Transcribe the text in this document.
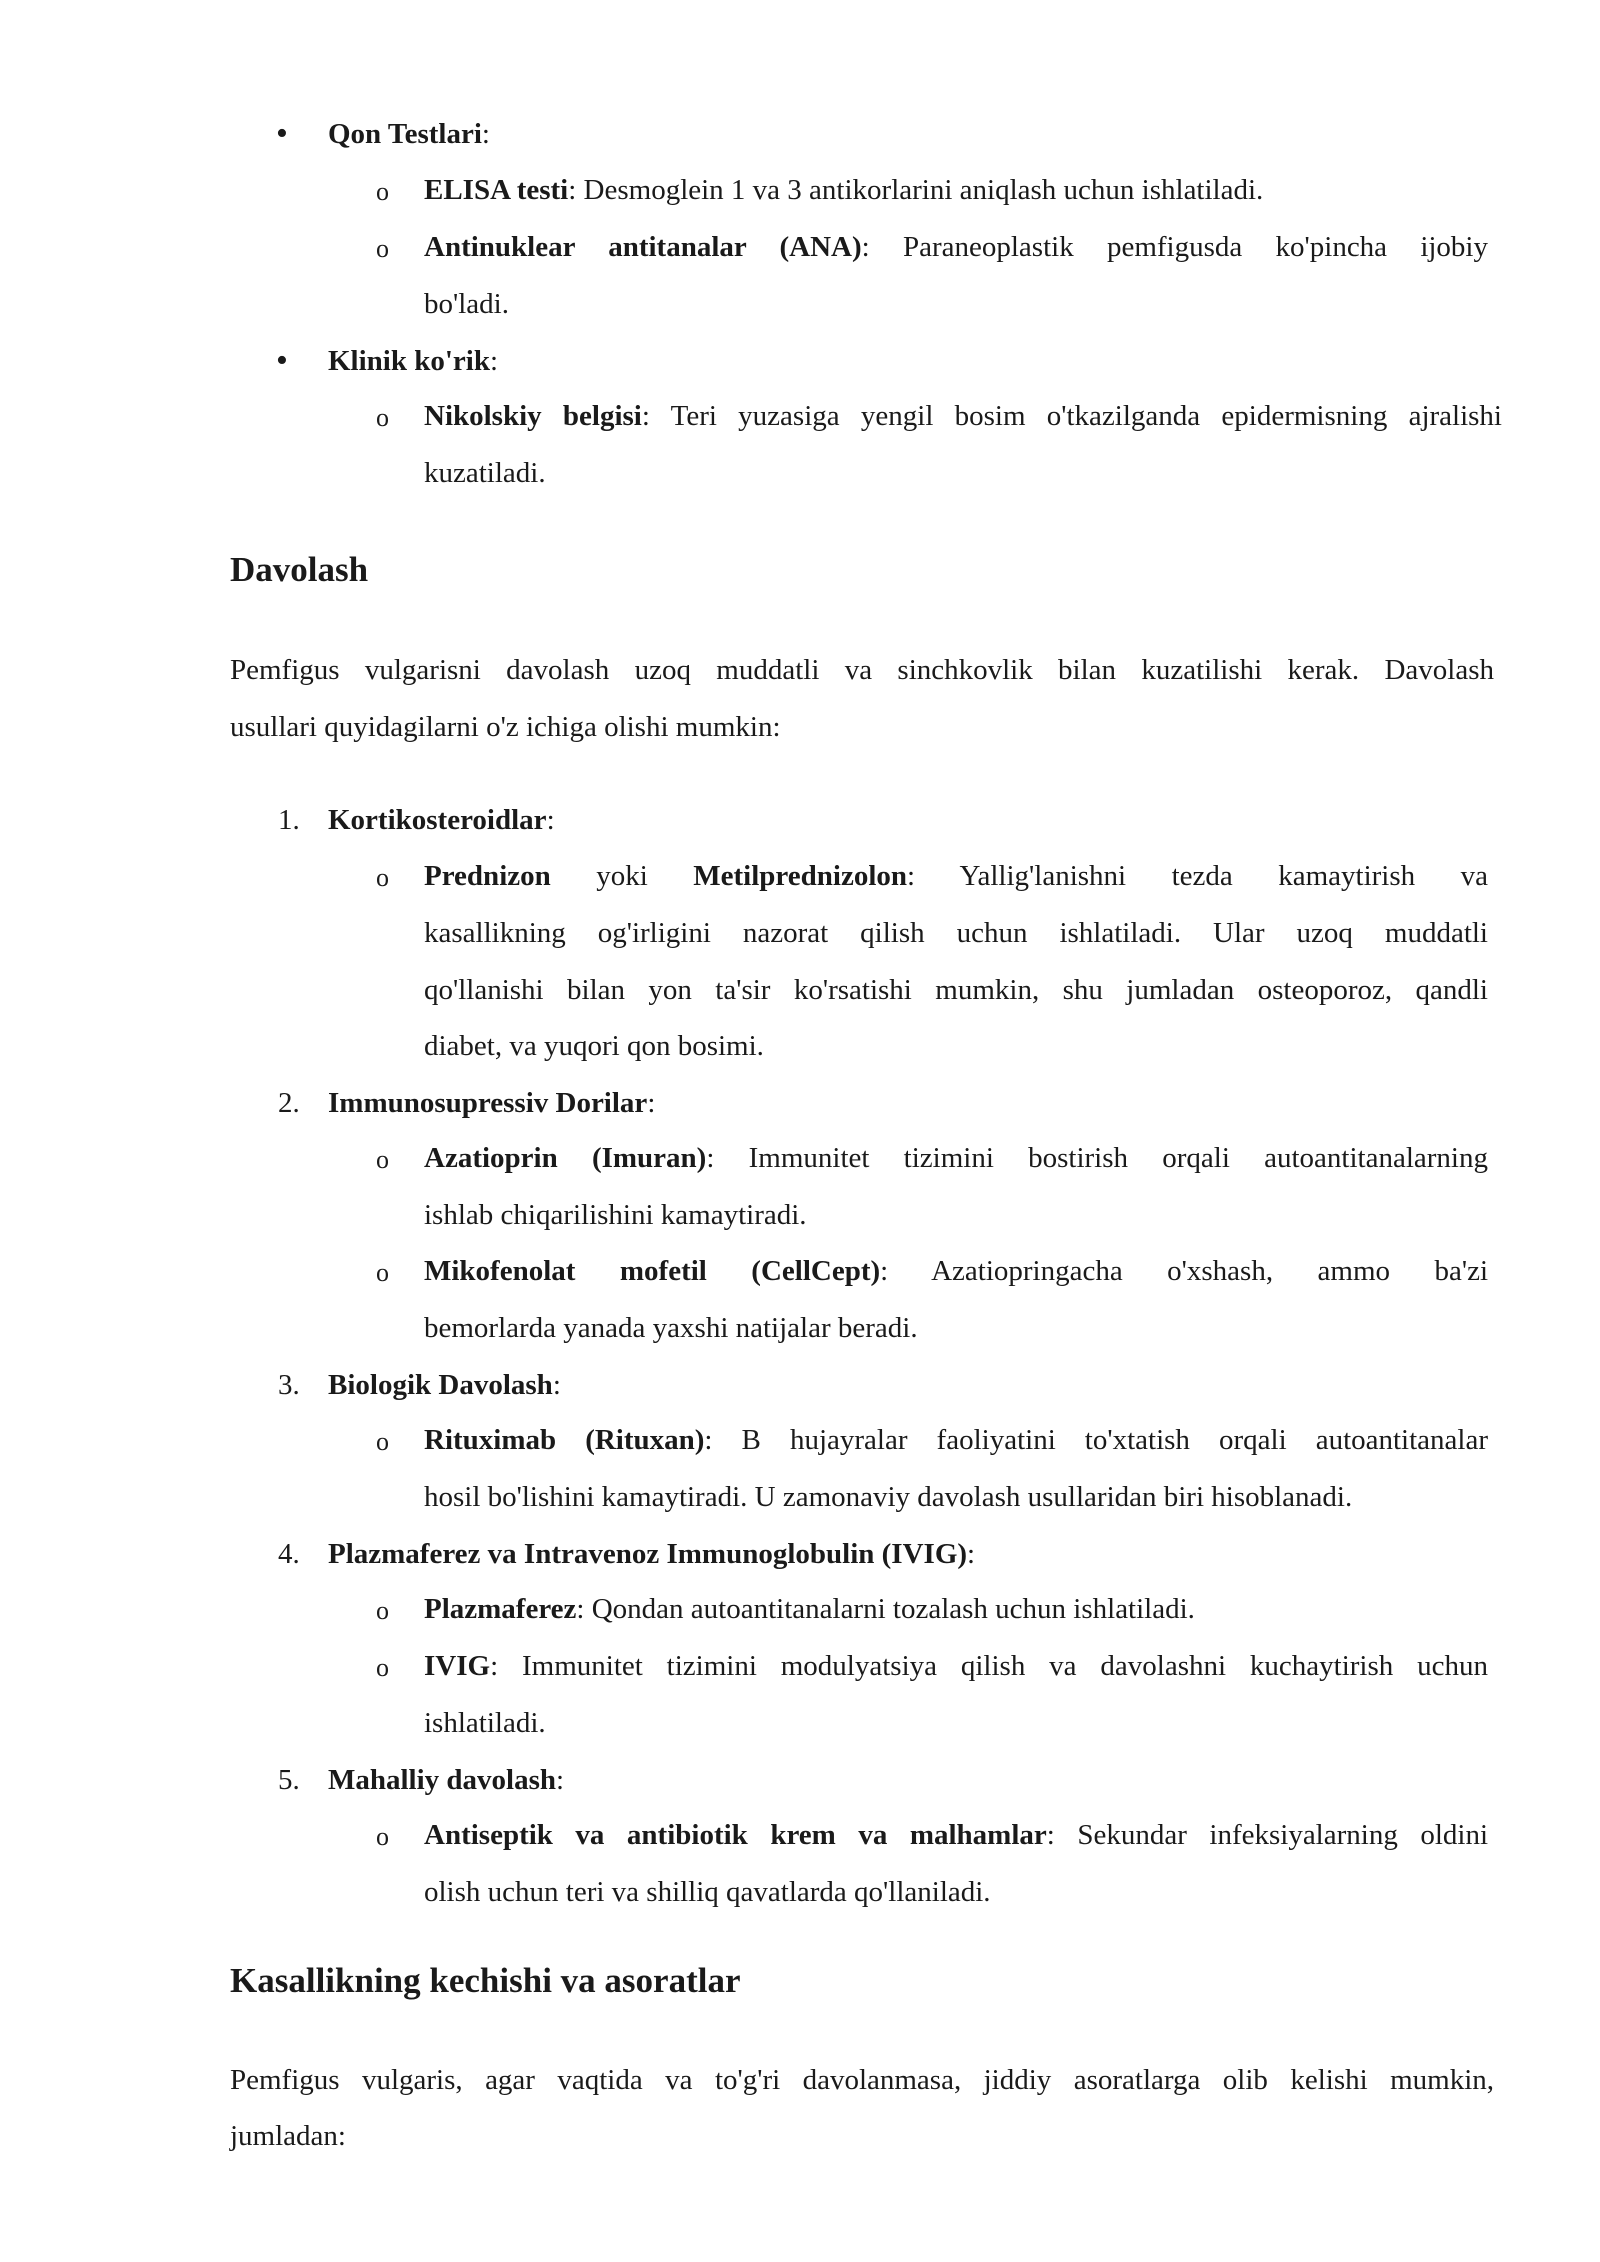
• Qon Testlari:
o ELISA testi: Desmoglein 1 va 3 antikorlarini aniqlash uchun ishlatiladi.
o Antinuklear antitanalar (ANA): Paraneoplastik pemfigusda ko'pincha ijobiy
bo'ladi.
• Klinik ko'rik:
o Nikolskiy belgisi: Teri yuzasiga yengil bosim o'tkazilganda epidermisning ajralishi
kuzatiladi.
Davolash
Pemfigus vulgarisni davolash uzoq muddatli va sinchkovlik bilan kuzatilishi kerak. Davolash
usullari quyidagilarni o'z ichiga olishi mumkin:
1. Kortikosteroidlar:
o Prednizon yoki Metilprednizolon: Yallig'lanishni tezda kamaytirish va
kasallikning og'irligini nazorat qilish uchun ishlatiladi. Ular uzoq muddatli
qo'llanishi bilan yon ta'sir ko'rsatishi mumkin, shu jumladan osteoporoz, qandli
diabet, va yuqori qon bosimi.
2. Immunosupressiv Dorilar:
o Azatioprin (Imuran): Immunitet tizimini bostirish orqali autoantitanalarning
ishlab chiqarilishini kamaytiradi.
o Mikofenolat mofetil (CellCept): Azatiopringacha o'xshash, ammo ba'zi
bemorlarda yanada yaxshi natijalar beradi.
3. Biologik Davolash:
o Rituximab (Rituxan): B hujayralar faoliyatini to'xtatish orqali autoantitanalar
hosil bo'lishini kamaytiradi. U zamonaviy davolash usullaridan biri hisoblanadi.
4. Plazmaferez va Intravenoz Immunoglobulin (IVIG):
o Plazmaferez: Qondan autoantitanalarni tozalash uchun ishlatiladi.
o IVIG: Immunitet tizimini modulyatsiya qilish va davolashni kuchaytirish uchun
ishlatiladi.
5. Mahalliy davolash:
o Antiseptik va antibiotik krem va malhamlar: Sekundar infeksiyalarning oldini
olish uchun teri va shilliq qavatlarda qo'llaniladi.
Kasallikning kechishi va asoratlar
Pemfigus vulgaris, agar vaqtida va to'g'ri davolanmasa, jiddiy asoratlarga olib kelishi mumkin,
jumladan:
